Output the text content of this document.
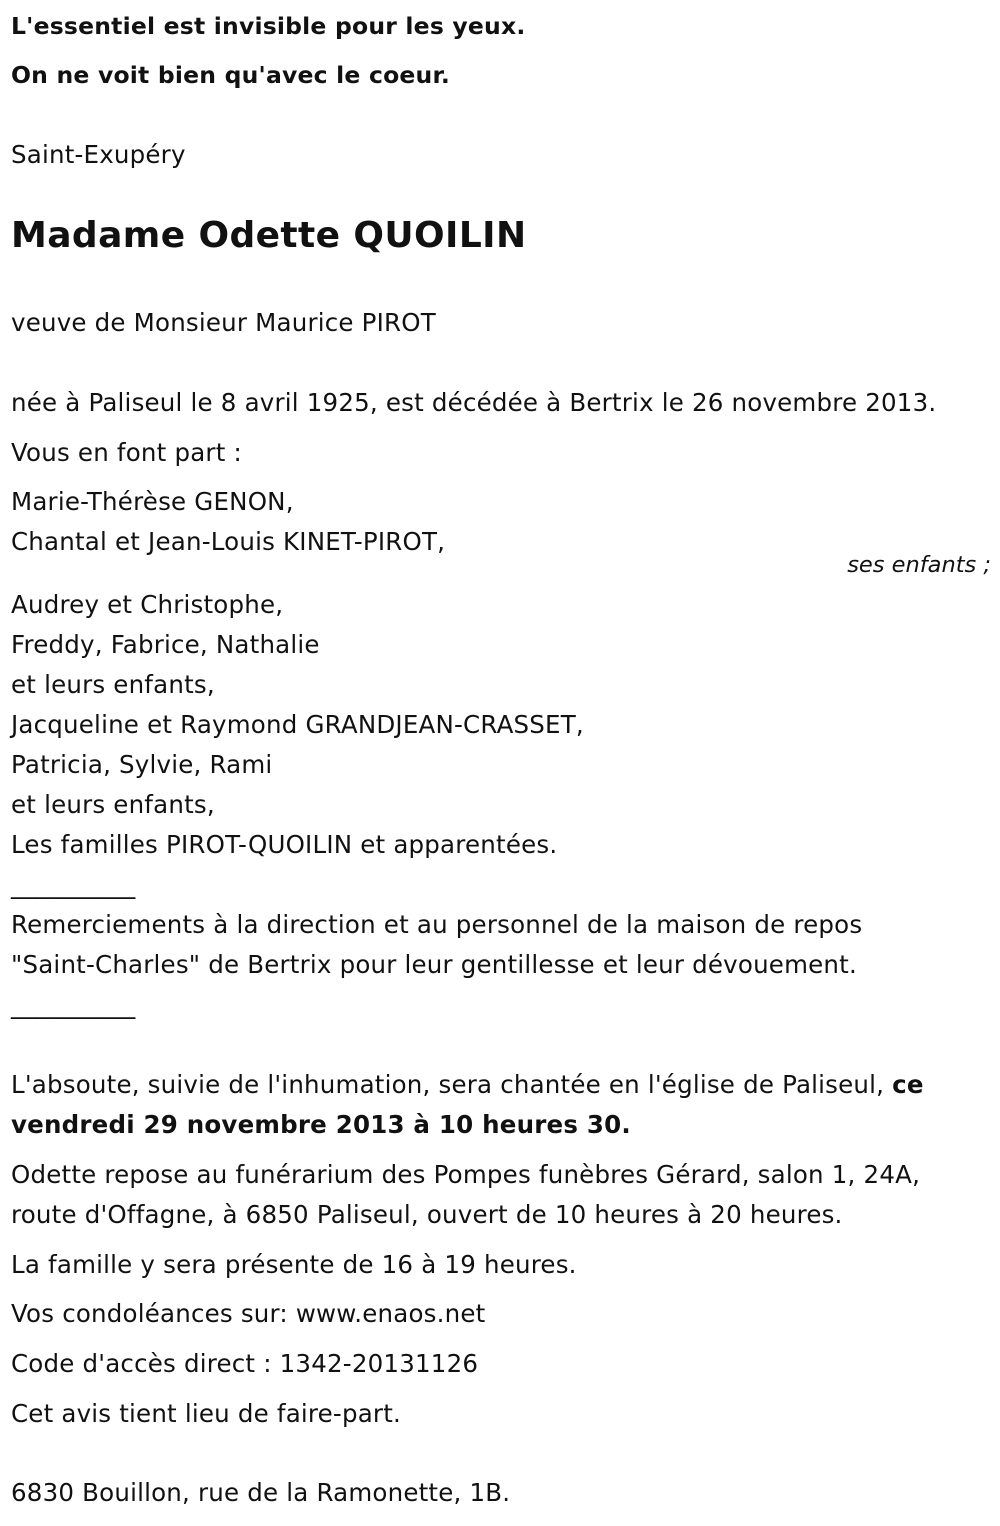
L'essentiel est invisible pour les yeux.
On ne voit bien qu'avec le coeur.
Saint-Exupéry
Madame Odette QUOILIN
veuve de Monsieur Maurice PIROT
née à Paliseul le 8 avril 1925, est décédée à Bertrix le 26 novembre 2013.
Vous en font part :
Marie-Thérèse GENON,
Chantal et Jean-Louis KINET-PIROT,
ses enfants ;
Audrey et Christophe,
Freddy, Fabrice, Nathalie
et leurs enfants,
Jacqueline et Raymond GRANDJEAN-CRASSET,
Patricia, Sylvie, Rami
et leurs enfants,
Les familles PIROT-QUOILIN et apparentées.
__________
Remerciements à la direction et au personnel de la maison de repos
"Saint-Charles" de Bertrix pour leur gentillesse et leur dévouement.
__________
L'absoute, suivie de l'inhumation, sera chantée en l'église de Paliseul, ce
vendredi 29 novembre 2013 à 10 heures 30.
Odette repose au funérarium des Pompes funèbres Gérard, salon 1, 24A,
route d'Offagne, à 6850 Paliseul, ouvert de 10 heures à 20 heures.
La famille y sera présente de 16 à 19 heures.
Vos condoléances sur: www.enaos.net
Code d'accès direct : 1342-20131126
Cet avis tient lieu de faire-part.
6830 Bouillon, rue de la Ramonette, 1B.
